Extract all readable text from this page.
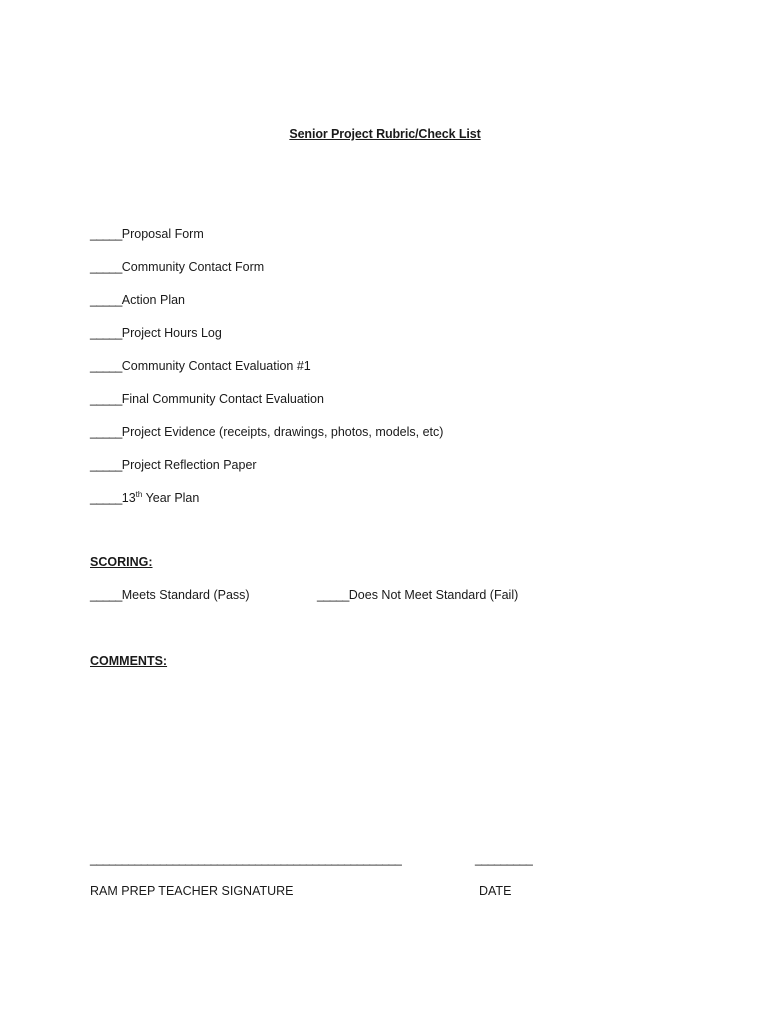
Senior Project Rubric/Check List
_____Proposal Form
_____Community Contact Form
_____Action Plan
_____Project Hours Log
_____Community Contact Evaluation #1
_____Final Community Contact Evaluation
_____Project Evidence (receipts, drawings, photos, models, etc)
_____Project Reflection Paper
_____13th Year Plan
SCORING:
_____Meets Standard (Pass)	_____Does Not Meet Standard (Fail)
COMMENTS:
_________________________________________________	_________
RAM PREP TEACHER SIGNATURE	DATE
